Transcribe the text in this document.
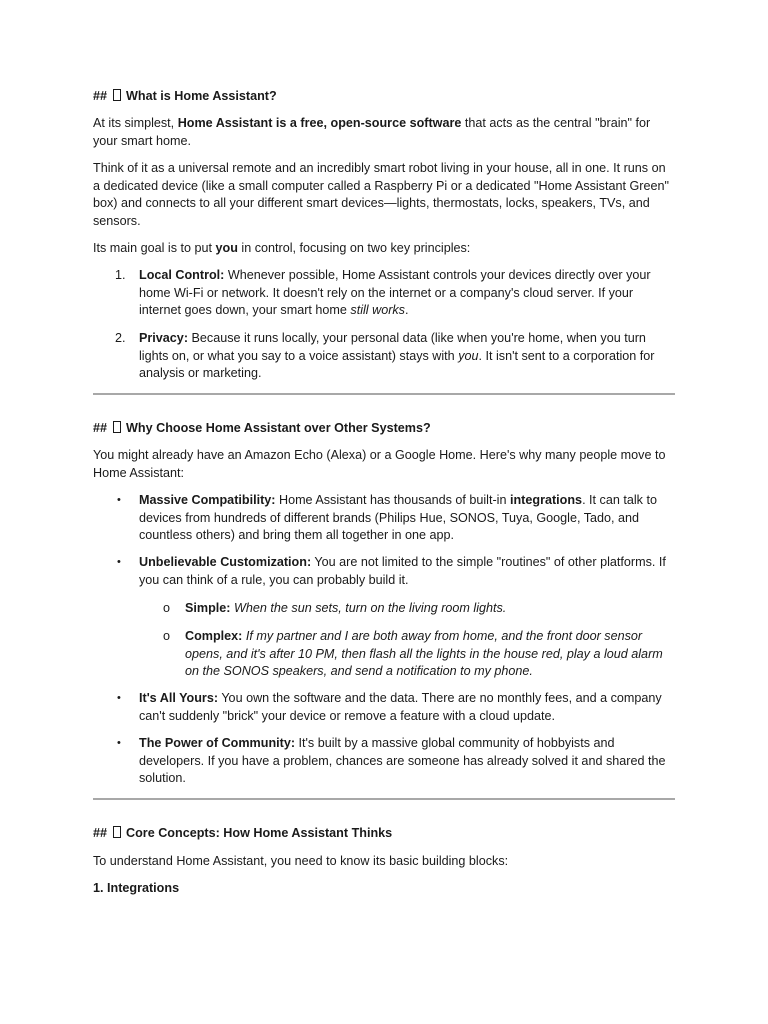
## What is Home Assistant?

At its simplest, Home Assistant is a free, open-source software that acts as the central "brain" for your smart home.

Think of it as a universal remote and an incredibly smart robot living in your house, all in one. It runs on a dedicated device (like a small computer called a Raspberry Pi or a dedicated "Home Assistant Green" box) and connects to all your different smart devices—lights, thermostats, locks, speakers, TVs, and sensors.

Its main goal is to put you in control, focusing on two key principles:

1. Local Control: Whenever possible, Home Assistant controls your devices directly over your home Wi-Fi or network. It doesn't rely on the internet or a company's cloud server. If your internet goes down, your smart home still works.
2. Privacy: Because it runs locally, your personal data (like when you're home, when you turn lights on, or what you say to a voice assistant) stays with you. It isn't sent to a corporation for analysis or marketing.

## Why Choose Home Assistant over Other Systems?

You might already have an Amazon Echo (Alexa) or a Google Home. Here's why many people move to Home Assistant:

• Massive Compatibility: Home Assistant has thousands of built-in integrations. It can talk to devices from hundreds of different brands (Philips Hue, SONOS, Tuya, Google, Tado, and countless others) and bring them all together in one app.
• Unbelievable Customization: You are not limited to the simple "routines" of other platforms. If you can think of a rule, you can probably build it.
o Simple: When the sun sets, turn on the living room lights.
o Complex: If my partner and I are both away from home, and the front door sensor opens, and it's after 10 PM, then flash all the lights in the house red, play a loud alarm on the SONOS speakers, and send a notification to my phone.
• It's All Yours: You own the software and the data. There are no monthly fees, and a company can't suddenly "brick" your device or remove a feature with a cloud update.
• The Power of Community: It's built by a massive global community of hobbyists and developers. If you have a problem, chances are someone has already solved it and shared the solution.

## Core Concepts: How Home Assistant Thinks

To understand Home Assistant, you need to know its basic building blocks:

1. Integrations
